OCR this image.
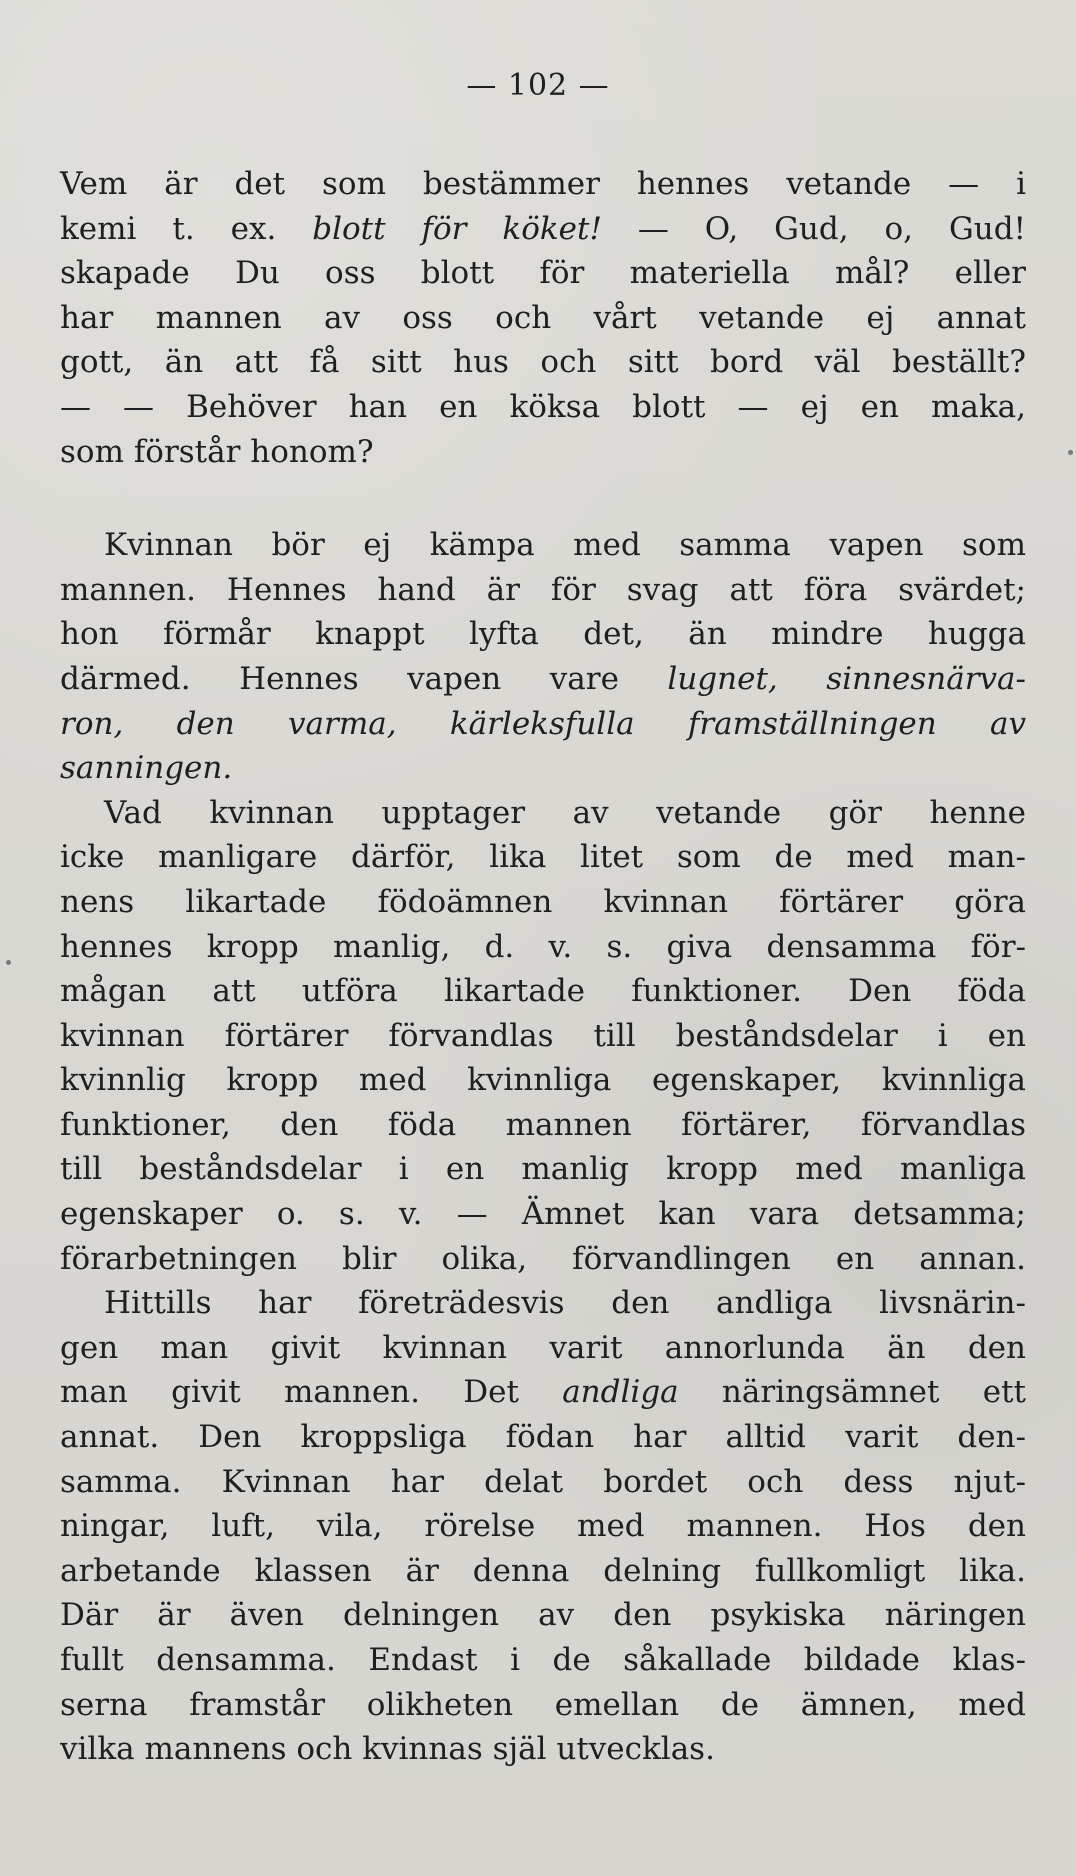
— 102 —
Vem är det som bestämmer hennes vetande — i
kemi t. ex. blott för köket! — O, Gud, o, Gud!
skapade Du oss blott för materiella mål? eller
har mannen av oss och vårt vetande ej annat
gott, än att få sitt hus och sitt bord väl beställt?
— — Behöver han en köksa blott — ej en maka,
som förstår honom?
Kvinnan bör ej kämpa med samma vapen som
mannen. Hennes hand är för svag att föra svärdet;
hon förmår knappt lyfta det, än mindre hugga
därmed. Hennes vapen vare lugnet, sinnesnärva-
ron, den varma, kärleksfulla framställningen av
sanningen.
Vad kvinnan upptager av vetande gör henne
icke manligare därför, lika litet som de med man-
nens likartade födoämnen kvinnan förtärer göra
hennes kropp manlig, d. v. s. giva densamma för-
mågan att utföra likartade funktioner. Den föda
kvinnan förtärer förvandlas till beståndsdelar i en
kvinnlig kropp med kvinnliga egenskaper, kvinnliga
funktioner, den föda mannen förtärer, förvandlas
till beståndsdelar i en manlig kropp med manliga
egenskaper o. s. v. — Ämnet kan vara detsamma;
förarbetningen blir olika, förvandlingen en annan.
Hittills har företrädesvis den andliga livsnärin-
gen man givit kvinnan varit annorlunda än den
man givit mannen. Det andliga näringsämnet ett
annat. Den kroppsliga födan har alltid varit den-
samma. Kvinnan har delat bordet och dess njut-
ningar, luft, vila, rörelse med mannen. Hos den
arbetande klassen är denna delning fullkomligt lika.
Där är även delningen av den psykiska näringen
fullt densamma. Endast i de såkallade bildade klas-
serna framstår olikheten emellan de ämnen, med
vilka mannens och kvinnas själ utvecklas.
